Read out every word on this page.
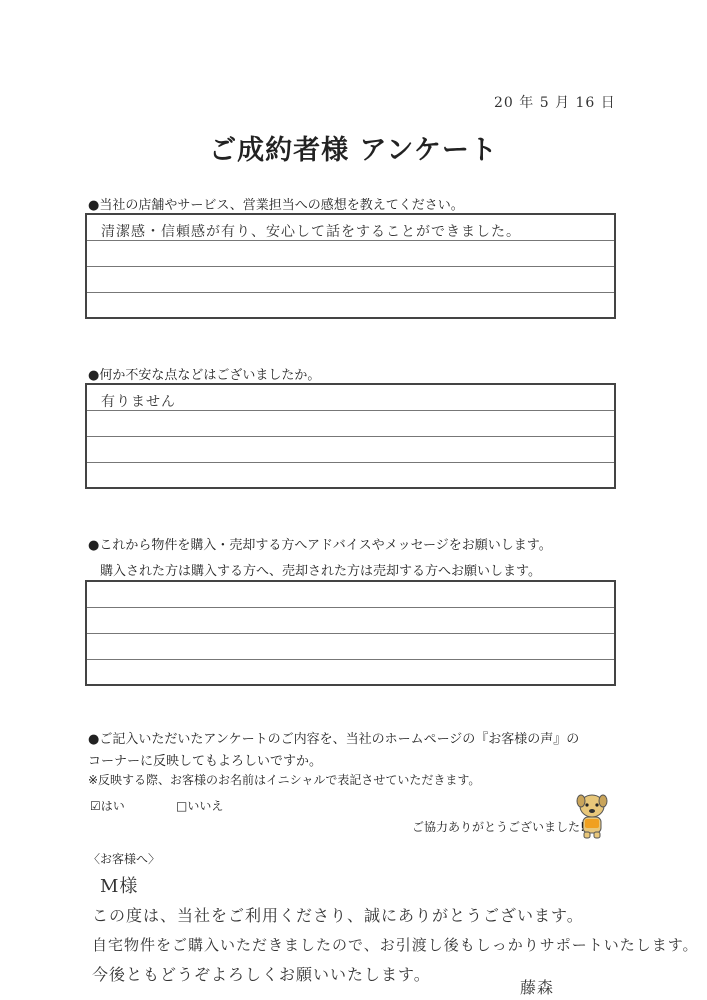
20 年 5 月 16 日
ご成約者様 アンケート
●当社の店舗やサービス、営業担当への感想を教えてください。
清潔感・信頼感が有り、安心して話をすることができました。
●何か不安な点などはございましたか。
有りません
●これから物件を購入・売却する方へアドバイスやメッセージをお願いします。
購入された方は購入する方へ、売却された方は売却する方へお願いします。
●ご記入いただいたアンケートのご内容を、当社のホームページの『お客様の声』の
コーナーに反映してもよろしいですか。
※反映する際、お客様のお名前はイニシャルで表記させていただきます。
☑はい	□いいえ
ご協力ありがとうございました!
〈お客様へ〉
M様
この度は、当社をご利用くださり、誠にありがとうございます。
自宅物件をご購入いただきましたので、お引渡し後もしっかりサポートいたします。
今後ともどうぞよろしくお願いいたします。
藤森
